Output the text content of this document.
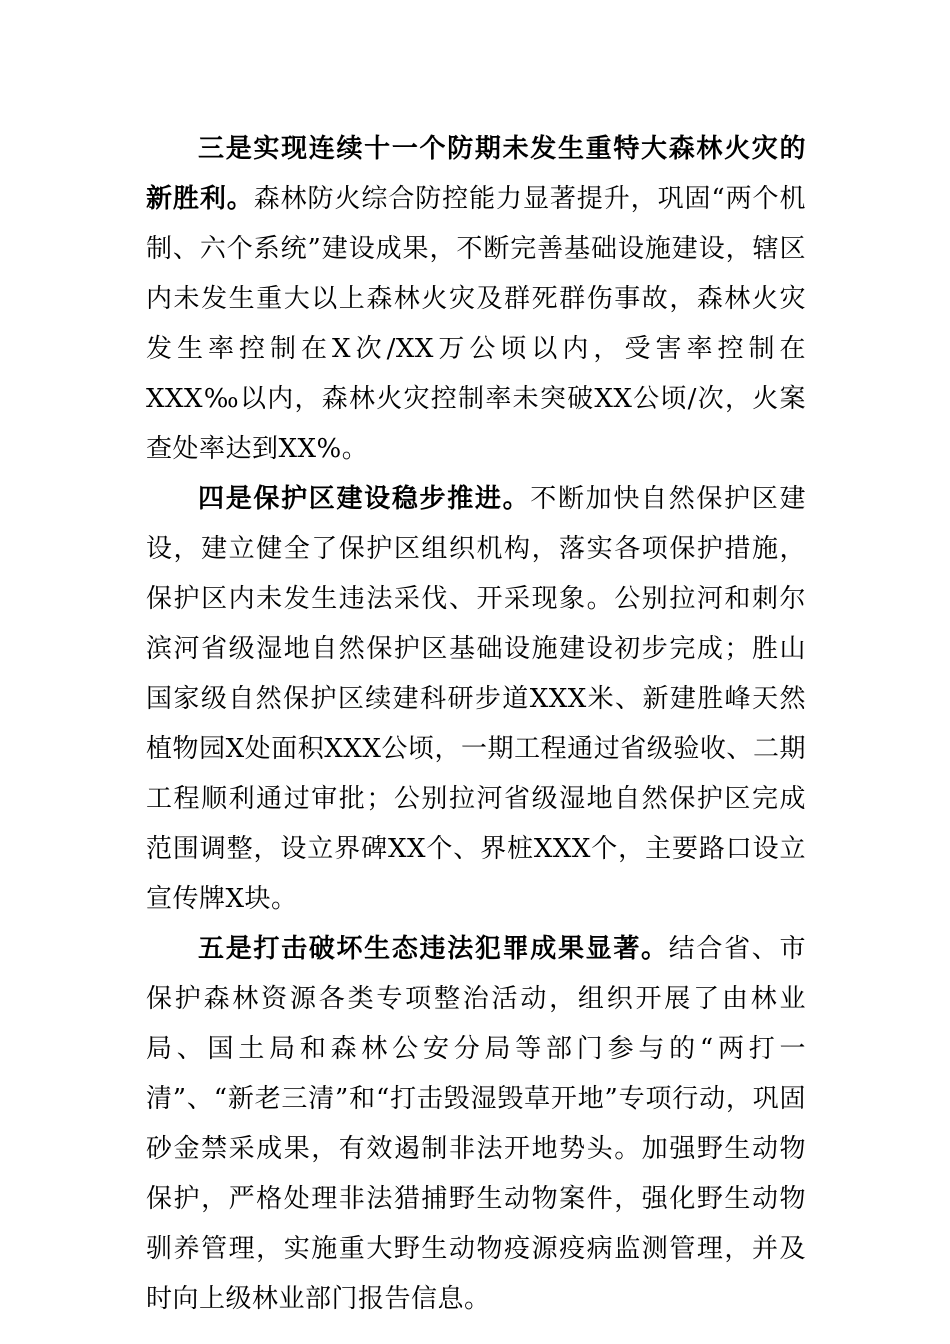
三是实现连续十一个防期未发生重特大森林火灾的新胜利。森林防火综合防控能力显著提升，巩固“两个机制、六个系统”建设成果，不断完善基础设施建设，辖区内未发生重大以上森林火灾及群死群伤事故，森林火灾发生率控制在X次/XX万公顷以内，受害率控制在XXX‰以内，森林火灾控制率未突破XX公顷/次，火案查处率达到XX%。

四是保护区建设稳步推进。不断加快自然保护区建设，建立健全了保护区组织机构，落实各项保护措施，保护区内未发生违法采伐、开采现象。公别拉河和刺尔滨河省级湿地自然保护区基础设施建设初步完成；胜山国家级自然保护区续建科研步道XXX米、新建胜峰天然植物园X处面积XXX公顷，一期工程通过省级验收、二期工程顺利通过审批；公别拉河省级湿地自然保护区完成范围调整，设立界碑XX个、界桩XXX个，主要路口设立宣传牌X块。

五是打击破坏生态违法犯罪成果显著。结合省、市保护森林资源各类专项整治活动，组织开展了由林业局、国土局和森林公安分局等部门参与的“两打一清”、“新老三清”和“打击毁湿毁草开地”专项行动，巩固砂金禁采成果，有效遏制非法开地势头。加强野生动物保护，严格处理非法猎捕野生动物案件，强化野生动物驯养管理，实施重大野生动物疫源疫病监测管理，并及时向上级林业部门报告信息。
